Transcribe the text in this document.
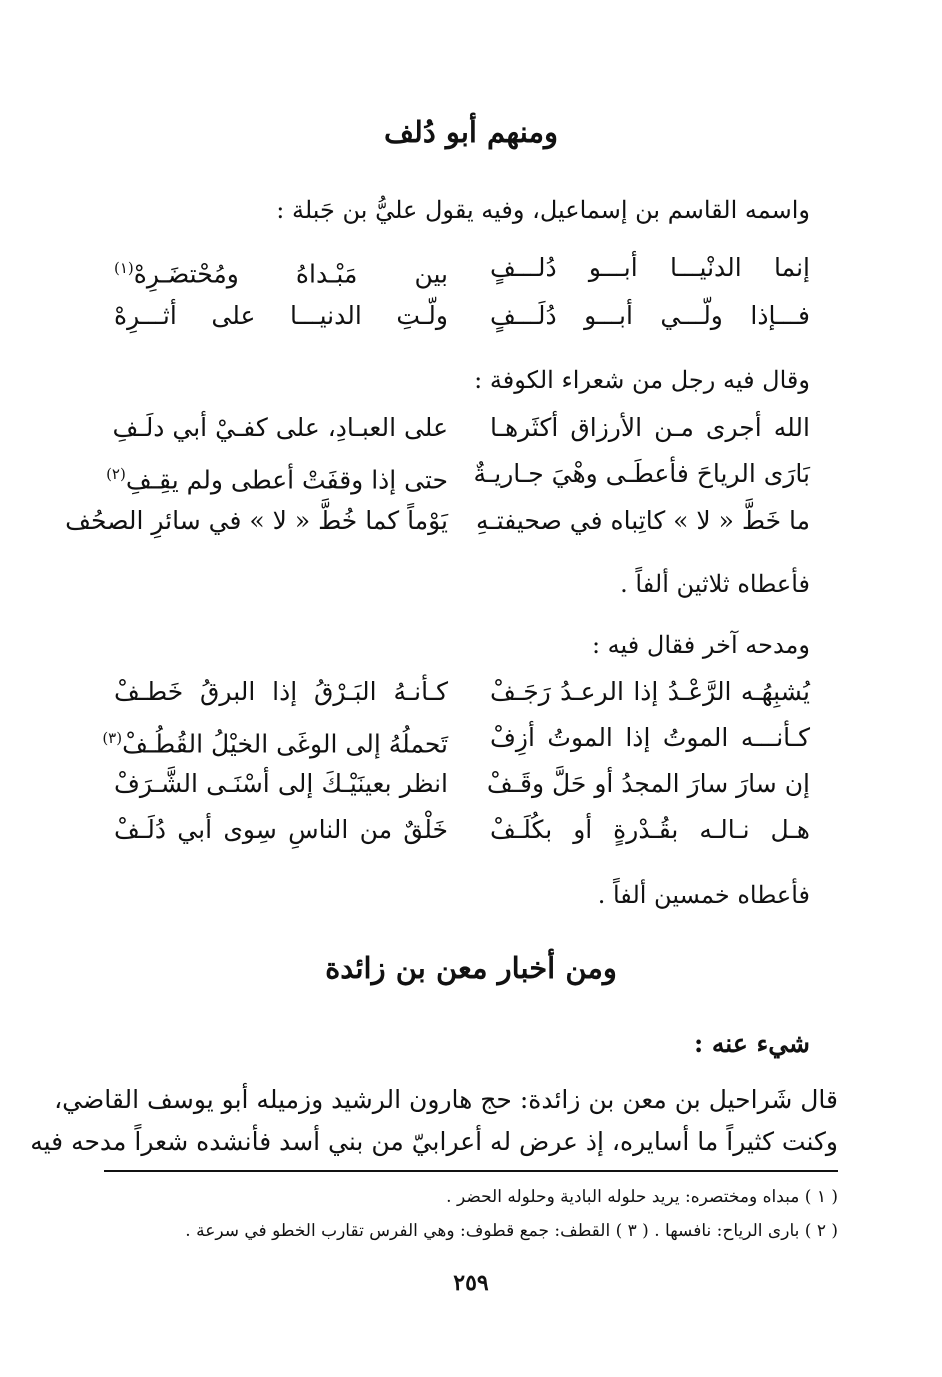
ومنهم أبو دُلف
واسمه القاسم بن إسماعيل، وفيه يقول عليُّ بن جَبلة :
إنما الدنْيـــا أبـــو دُلـــفٍ
بين مَبْـداهُ ومُحْتضَـرِهْ$^{(١)}$
فـــإذا ولّـــي أبـــو دُلَـــفٍ
ولّـتِ الدنيـــا على أثـــرِهْ
وقال فيه رجل من شعراء الكوفة :
الله أجرى مـن الأرزاق أكثَرهـا
على العبـادِ، على كفـيْ أبي دلَـفِ
بَارَى الرياحَ فأعطَـى وهْيَ جـاريـةٌ
حتى إذا وقفَتْ أعطى ولم يقِـفِ$^{(٢)}$
ما خَطَّ « لا » كاتِباه في صحيفتـهِ
يَوْماً كما خُطَّ « لا » في سائرِ الصحُف
فأعطاه ثلاثين ألفاً .
ومدحه آخر فقال فيه :
يُشبِهُـه الرَّعْـدُ إذا الرعـدُ رَجَـفْ
كـأنـهُ البَـرْقُ إذا البرقُ خَطـفْ
كـأنـــه الموتُ إذا الموتُ أزِفْ
تَحملُهُ إلى الوغَى الخيْلُ القُطُـفْ$^{(٣)}$
إن سارَ سارَ المجدُ أو حَلَّ وقَـفْ
انظر بعينَيْـكَ إلى أسْنَـى الشَّـرَفْ
هـل نـالـه بقُـدْرةٍ أو بكُلَـفْ
خَلْقٌ من الناسِ سِوى أبي دُلَـفْ
فأعطاه خمسين ألفاً .
ومن أخبار معن بن زائدة
شيء عنه :
قال شَراحيل بن معن بن زائدة: حج هارون الرشيد وزميله أبو يوسف القاضي،
وكنت كثيراً ما أسايره، إذ عرض له أعرابيّ من بني أسد فأنشده شعراً مدحه فيه
( ١ ) مبداه ومختصره: يريد حلوله البادية وحلوله الحضر .
( ٢ ) بارى الرياح: نافسها . ( ٣ ) القطف: جمع قطوف: وهي الفرس تقارب الخطو في سرعة .
٢٥٩
